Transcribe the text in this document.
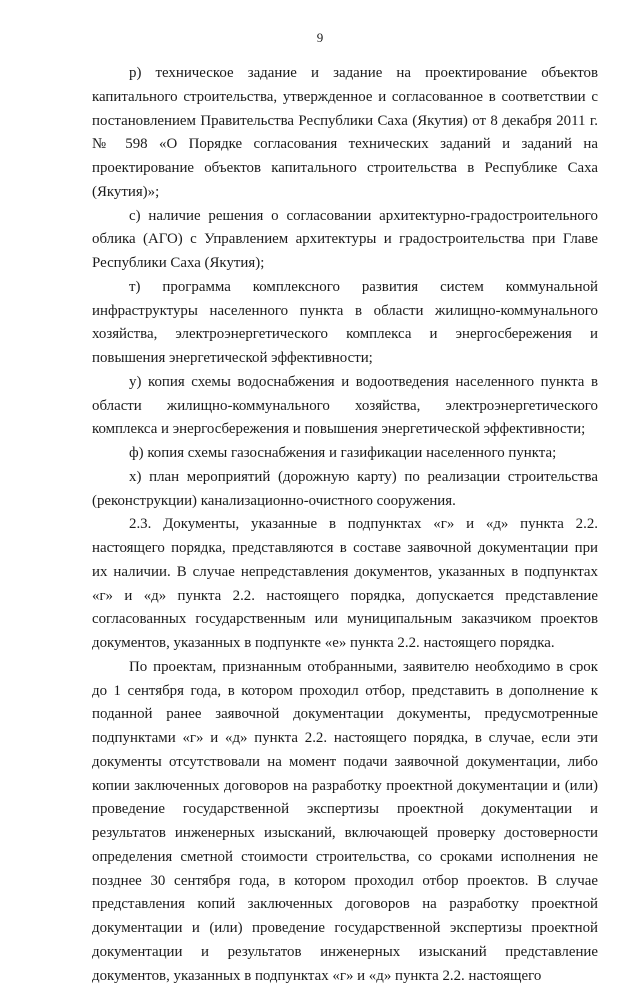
9

р) техническое задание и задание на проектирование объектов капитального строительства, утвержденное и согласованное в соответствии с постановлением Правительства Республики Саха (Якутия) от 8 декабря 2011 г. № 598 «О Порядке согласования технических заданий и заданий на проектирование объектов капитального строительства в Республике Саха (Якутия)»;

с) наличие решения о согласовании архитектурно-градостроительного облика (АГО) с Управлением архитектуры и градостроительства при Главе Республики Саха (Якутия);

т) программа комплексного развития систем коммунальной инфраструктуры населенного пункта в области жилищно-коммунального хозяйства, электроэнергетического комплекса и энергосбережения и повышения энергетической эффективности;

у) копия схемы водоснабжения и водоотведения населенного пункта в области жилищно-коммунального хозяйства, электроэнергетического комплекса и энергосбережения и повышения энергетической эффективности;

ф) копия схемы газоснабжения и газификации населенного пункта;

х) план мероприятий (дорожную карту) по реализации строительства (реконструкции) канализационно-очистного сооружения.

2.3. Документы, указанные в подпунктах «г» и «д» пункта 2.2. настоящего порядка, представляются в составе заявочной документации при их наличии. В случае непредставления документов, указанных в подпунктах «г» и «д» пункта 2.2. настоящего порядка, допускается представление согласованных государственным или муниципальным заказчиком проектов документов, указанных в подпункте «е» пункта 2.2. настоящего порядка.

По проектам, признанным отобранными, заявителю необходимо в срок до 1 сентября года, в котором проходил отбор, представить в дополнение к поданной ранее заявочной документации документы, предусмотренные подпунктами «г» и «д» пункта 2.2. настоящего порядка, в случае, если эти документы отсутствовали на момент подачи заявочной документации, либо копии заключенных договоров на разработку проектной документации и (или) проведение государственной экспертизы проектной документации и результатов инженерных изысканий, включающей проверку достоверности определения сметной стоимости строительства, со сроками исполнения не позднее 30 сентября года, в котором проходил отбор проектов. В случае представления копий заключенных договоров на разработку проектной документации и (или) проведение государственной экспертизы проектной документации и результатов инженерных изысканий представление документов, указанных в подпунктах «г» и «д» пункта 2.2. настоящего
